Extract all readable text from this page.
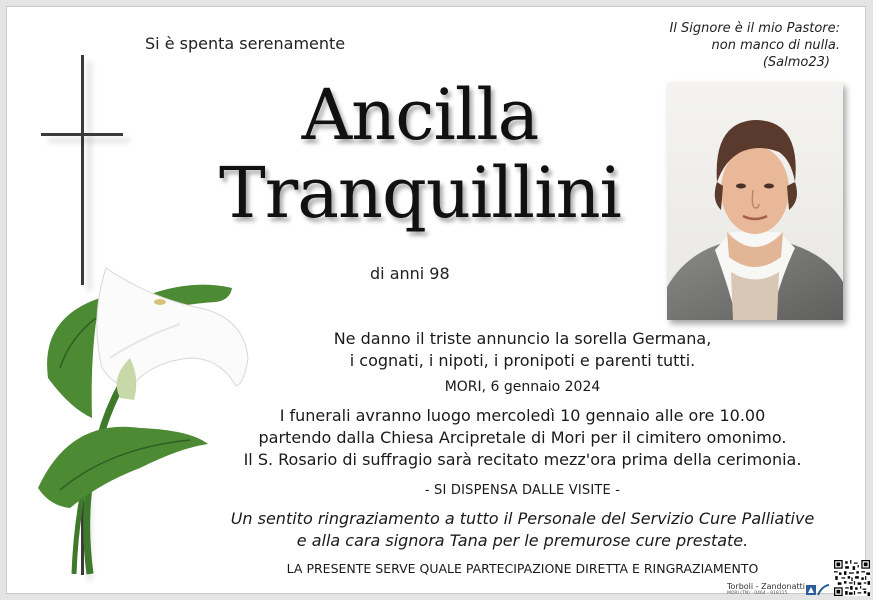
Si è spenta serenamente
Il Signore è il mio Pastore:
non manco di nulla.
(Salmo23)
Ancilla
Tranquillini
di anni 98
Ne danno il triste annuncio la sorella Germana,
i cognati, i nipoti, i pronipoti e parenti tutti.
MORI, 6 gennaio 2024
I funerali avranno luogo mercoledì 10 gennaio alle ore 10.00
partendo dalla Chiesa Arcipretale di Mori per il cimitero omonimo.
Il S. Rosario di suffragio sarà recitato mezz'ora prima della cerimonia.
- SI DISPENSA DALLE VISITE -
Un sentito ringraziamento a tutto il Personale del Servizio Cure Palliative
e alla cara signora Tana per le premurose cure prestate.
LA PRESENTE SERVE QUALE PARTECIPAZIONE DIRETTA E RINGRAZIAMENTO
Torboli - Zandonatti
MORI (TN) · 0464 - 918115
